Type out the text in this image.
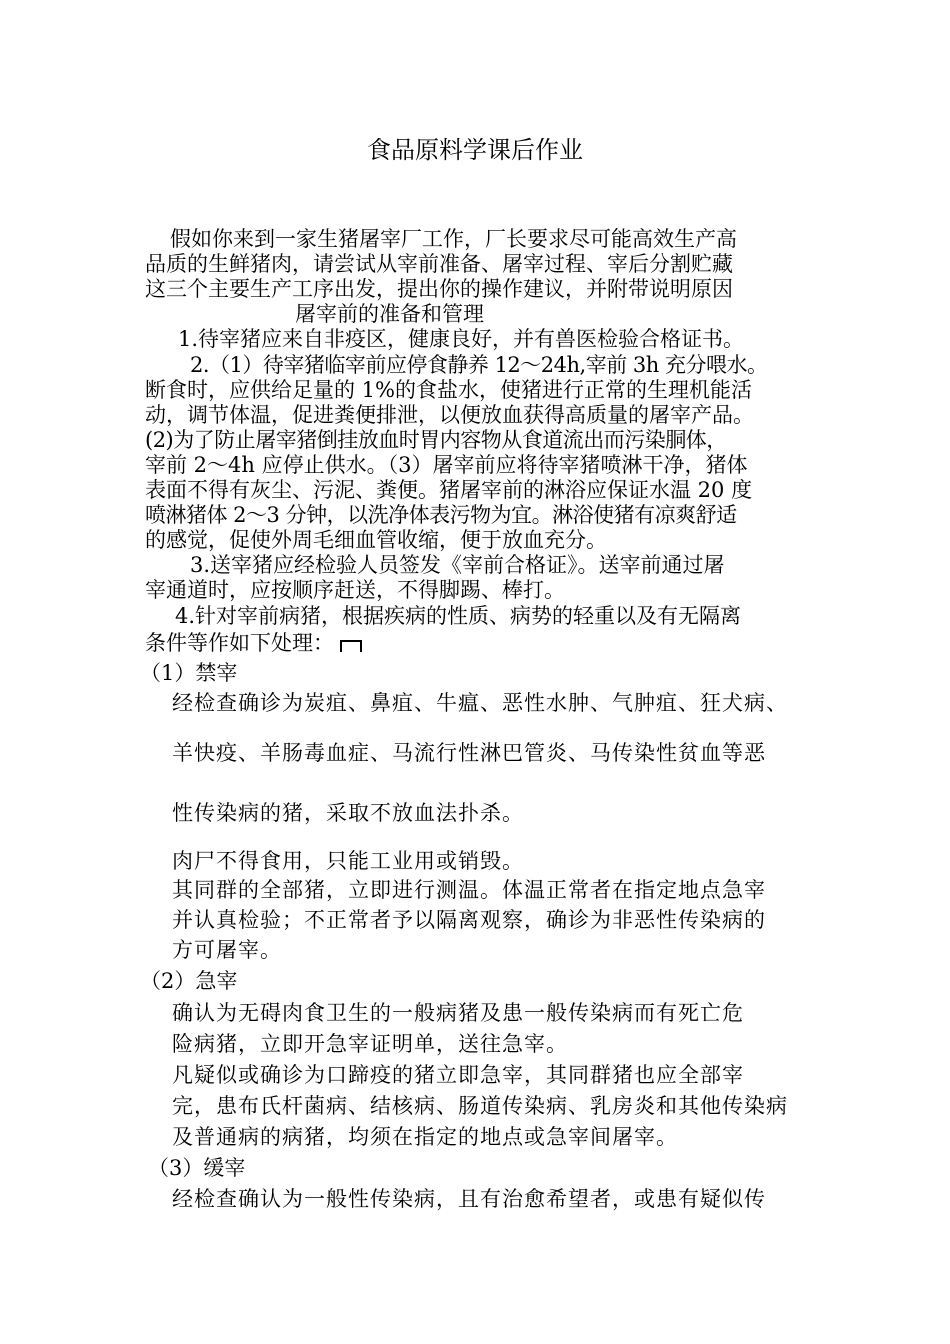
食品原料学课后作业
假如你来到一家生猪屠宰厂工作，厂长要求尽可能高效生产高
品质的生鲜猪肉，请尝试从宰前准备、屠宰过程、宰后分割贮藏
这三个主要生产工序出发，提出你的操作建议，并附带说明原因
屠宰前的准备和管理
1.待宰猪应来自非疫区，健康良好，并有兽医检验合格证书。
2.（1）待宰猪临宰前应停食静养 12～24h,宰前 3h 充分喂水。
断食时，应供给足量的 1%的食盐水，使猪进行正常的生理机能活
动，调节体温，促进粪便排泄，以便放血获得高质量的屠宰产品。
(2)为了防止屠宰猪倒挂放血时胃内容物从食道流出而污染胴体，
宰前 2～4h 应停止供水。（3）屠宰前应将待宰猪喷淋干净，猪体
表面不得有灰尘、污泥、粪便。猪屠宰前的淋浴应保证水温 20 度
喷淋猪体 2～3 分钟，以洗净体表污物为宜。淋浴使猪有凉爽舒适
的感觉，促使外周毛细血管收缩，便于放血充分。
3.送宰猪应经检验人员签发《宰前合格证》。送宰前通过屠
宰通道时，应按顺序赶送，不得脚踢、棒打。
4.针对宰前病猪，根据疾病的性质、病势的轻重以及有无隔离
条件等作如下处理：
（1）禁宰
经检查确诊为炭疽、鼻疽、牛瘟、恶性水肿、气肿疽、狂犬病、
羊快疫、羊肠毒血症、马流行性淋巴管炎、马传染性贫血等恶
性传染病的猪，采取不放血法扑杀。
肉尸不得食用，只能工业用或销毁。
其同群的全部猪，立即进行测温。体温正常者在指定地点急宰
并认真检验；不正常者予以隔离观察，确诊为非恶性传染病的
方可屠宰。
（2）急宰
确认为无碍肉食卫生的一般病猪及患一般传染病而有死亡危
险病猪，立即开急宰证明单，送往急宰。
凡疑似或确诊为口蹄疫的猪立即急宰，其同群猪也应全部宰
完，患布氏杆菌病、结核病、肠道传染病、乳房炎和其他传染病
及普通病的病猪，均须在指定的地点或急宰间屠宰。
（3）缓宰
经检查确认为一般性传染病，且有治愈希望者，或患有疑似传
